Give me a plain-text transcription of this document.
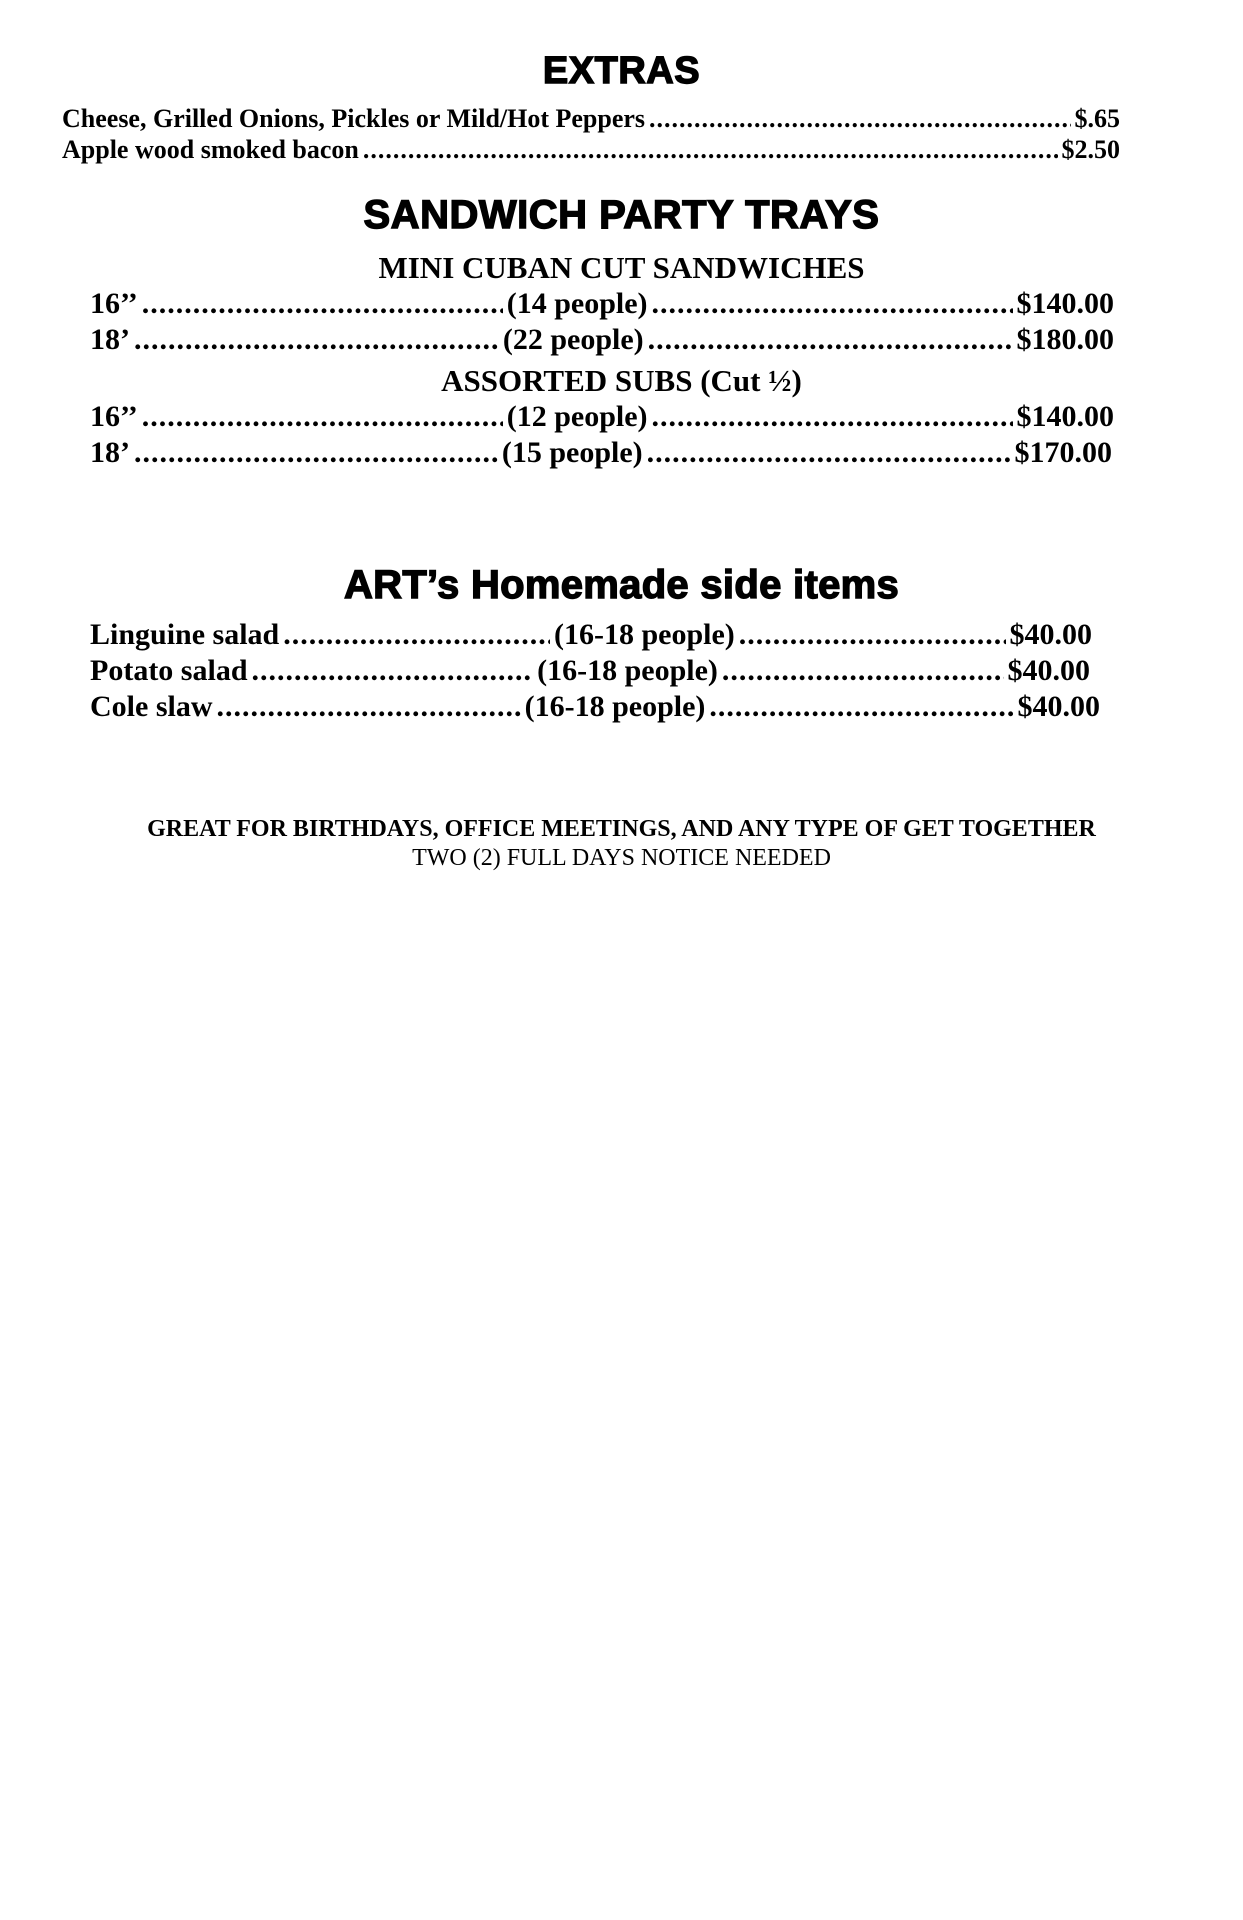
EXTRAS
Cheese, Grilled Onions, Pickles or Mild/Hot Peppers .....	$.65
Apple wood smoked bacon .....	$2.50
SANDWICH PARTY TRAYS
MINI CUBAN CUT SANDWICHES
16’’ .....	(14 people) .....	$140.00
18’ .....	(22 people) .....	$180.00
ASSORTED SUBS (Cut ½)
16’’ .....	(12 people) .....	$140.00
18’ .....	(15 people) .....	$170.00
ART’s Homemade side items
Linguine salad .....	(16-18 people) .....	$40.00
Potato salad .....	(16-18 people) .....	$40.00
Cole slaw .....	(16-18 people) .....	$40.00
GREAT FOR BIRTHDAYS, OFFICE MEETINGS, AND ANY TYPE OF GET TOGETHER
TWO (2) FULL DAYS NOTICE NEEDED
